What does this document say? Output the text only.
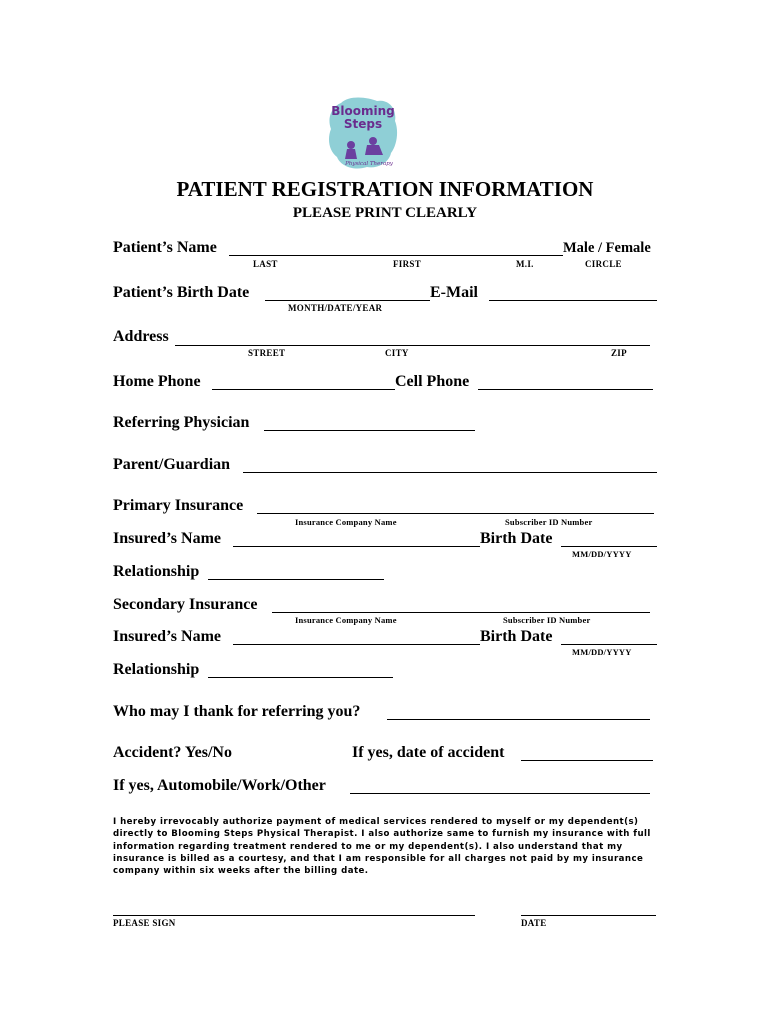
Blooming
Steps
Physical Therapy
PATIENT REGISTRATION INFORMATION
PLEASE PRINT CLEARLY
Patient’s Name	Male / Female
LAST	FIRST	M.I.	CIRCLE
Patient’s Birth Date	E-Mail
MONTH/DATE/YEAR
Address
STREET	CITY	ZIP
Home Phone	Cell Phone
Referring Physician
Parent/Guardian
Primary Insurance
Insurance Company Name	Subscriber ID Number
Insured’s Name	Birth Date
MM/DD/YYYY
Relationship
Secondary Insurance
Insurance Company Name	Subscriber ID Number
Insured’s Name	Birth Date
MM/DD/YYYY
Relationship
Who may I thank for referring you?
Accident? Yes/No	If yes, date of accident
If yes, Automobile/Work/Other
I hereby irrevocably authorize payment of medical services rendered to myself or my dependent(s) directly to Blooming Steps Physical Therapist. I also authorize same to furnish my insurance with full information regarding treatment rendered to me or my dependent(s). I also understand that my insurance is billed as a courtesy, and that I am responsible for all charges not paid by my insurance company within six weeks after the billing date.
PLEASE SIGN	DATE
